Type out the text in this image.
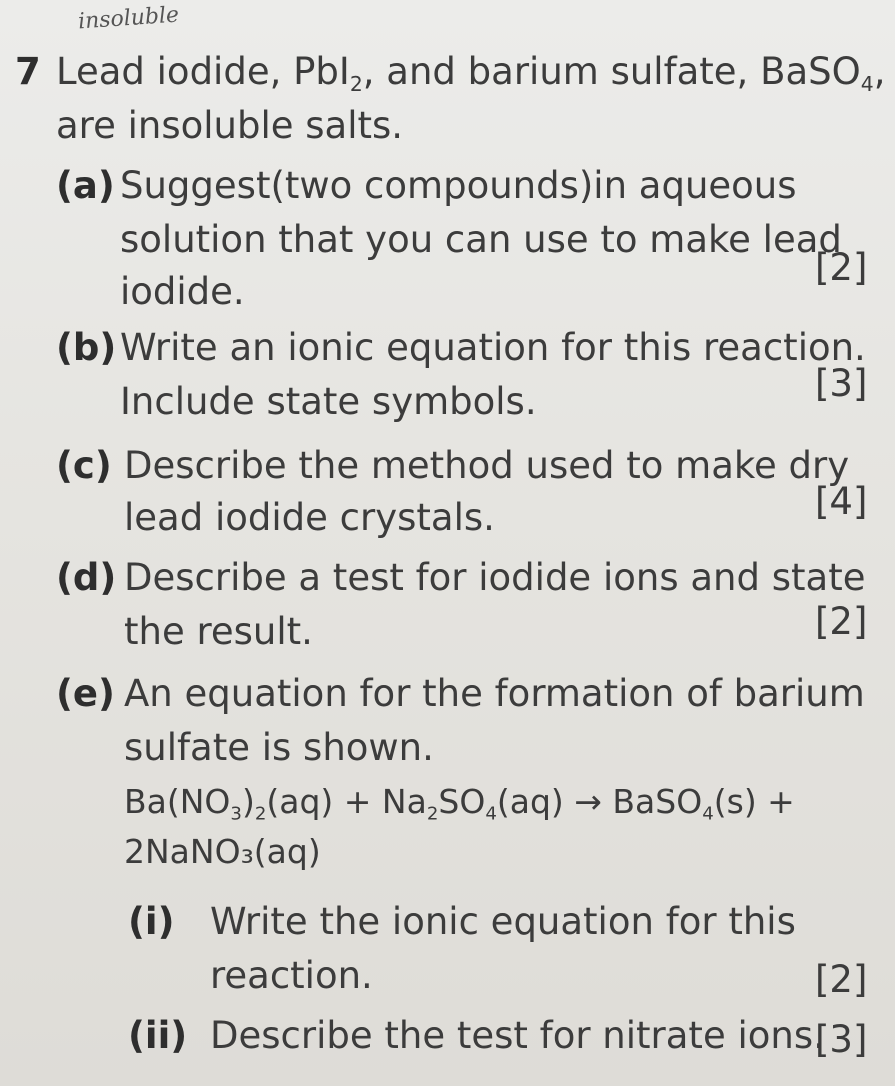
insoluble
7 Lead iodide, PbI$_2$, and barium sulfate, BaSO$_4$,
are insoluble salts.
(a) Suggest(two compounds)in aqueous
solution that you can use to make lead
iodide.
[2]
(b) Write an ionic equation for this reaction.
Include state symbols.	[3]
(c) Describe the method used to make dry
lead iodide crystals.	[4]
(d) Describe a test for iodide ions and state
the result.	[2]
(e) An equation for the formation of barium
sulfate is shown.
$Ba(NO_3)_2(aq) + Na_2SO_4(aq)$ → BaSO$_4$(s) +
2NaNO₃(aq)
(i) Write the ionic equation for this
reaction.	[2]
(ii) Describe the test for nitrate ions.
[3]
